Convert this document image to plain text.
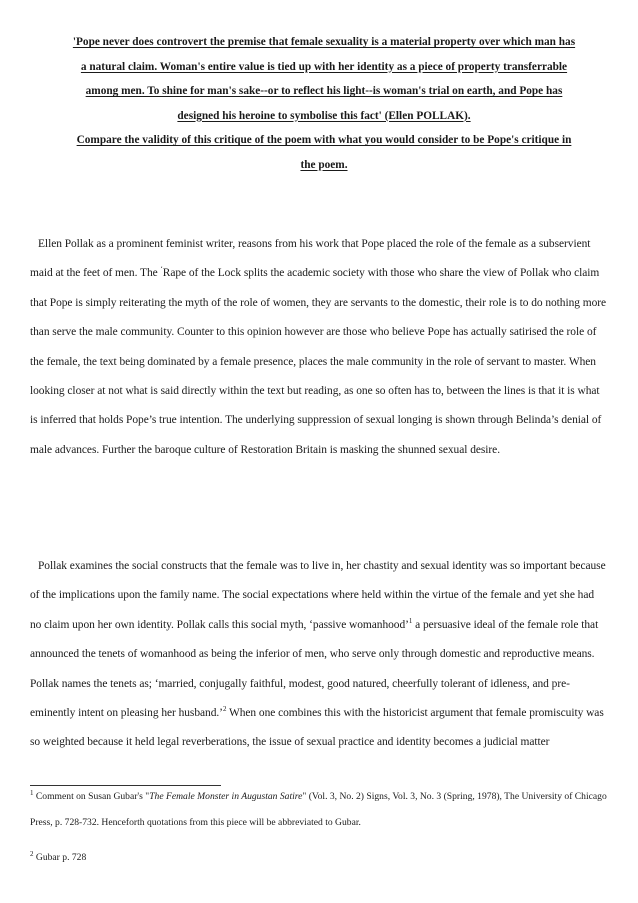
'Pope never does controvert the premise that female sexuality is a material property over which man has

a natural claim. Woman's entire value is tied up with her identity as a piece of property transferrable

among men. To shine for man's sake--or to reflect his light--is woman's trial on earth, and Pope has

designed his heroine to symbolise this fact' (Ellen POLLAK).

Compare the validity of this critique of the poem with what you would consider to be Pope's critique in

the poem.

Ellen Pollak as a prominent feminist writer, reasons from his work that Pope placed the role of the female as a subservient maid at the feet of men. The ‘Rape of the Lock splits the academic society with those who share the view of Pollak who claim that Pope is simply reiterating the myth of the role of women, they are servants to the domestic, their role is to do nothing more than serve the male community. Counter to this opinion however are those who believe Pope has actually satirised the role of the female, the text being dominated by a female presence, places the male community in the role of servant to master. When looking closer at not what is said directly within the text but reading, as one so often has to, between the lines is that it is what is inferred that holds Pope’s true intention. The underlying suppression of sexual longing is shown through Belinda’s denial of male advances. Further the baroque culture of Restoration Britain is masking the shunned sexual desire.

Pollak examines the social constructs that the female was to live in, her chastity and sexual identity was so important because of the implications upon the family name. The social expectations where held within the virtue of the female and yet she had no claim upon her own identity. Pollak calls this social myth, ‘passive womanhood’$^1$ a persuasive ideal of the female role that announced the tenets of womanhood as being the inferior of men, who serve only through domestic and reproductive means. Pollak names the tenets as; ‘married, conjugally faithful, modest, good natured, cheerfully tolerant of idleness, and pre-eminently intent on pleasing her husband.’$^2$ When one combines this with the historicist argument that female promiscuity was so weighted because it held legal reverberations, the issue of sexual practice and identity becomes a judicial matter

$^1$ Comment on Susan Gubar's "The Female Monster in Augustan Satire" (Vol. 3, No. 2) Signs, Vol. 3, No. 3 (Spring, 1978), The University of Chicago Press, p. 728-732. Henceforth quotations from this piece will be abbreviated to Gubar.

$^2$ Gubar p. 728
